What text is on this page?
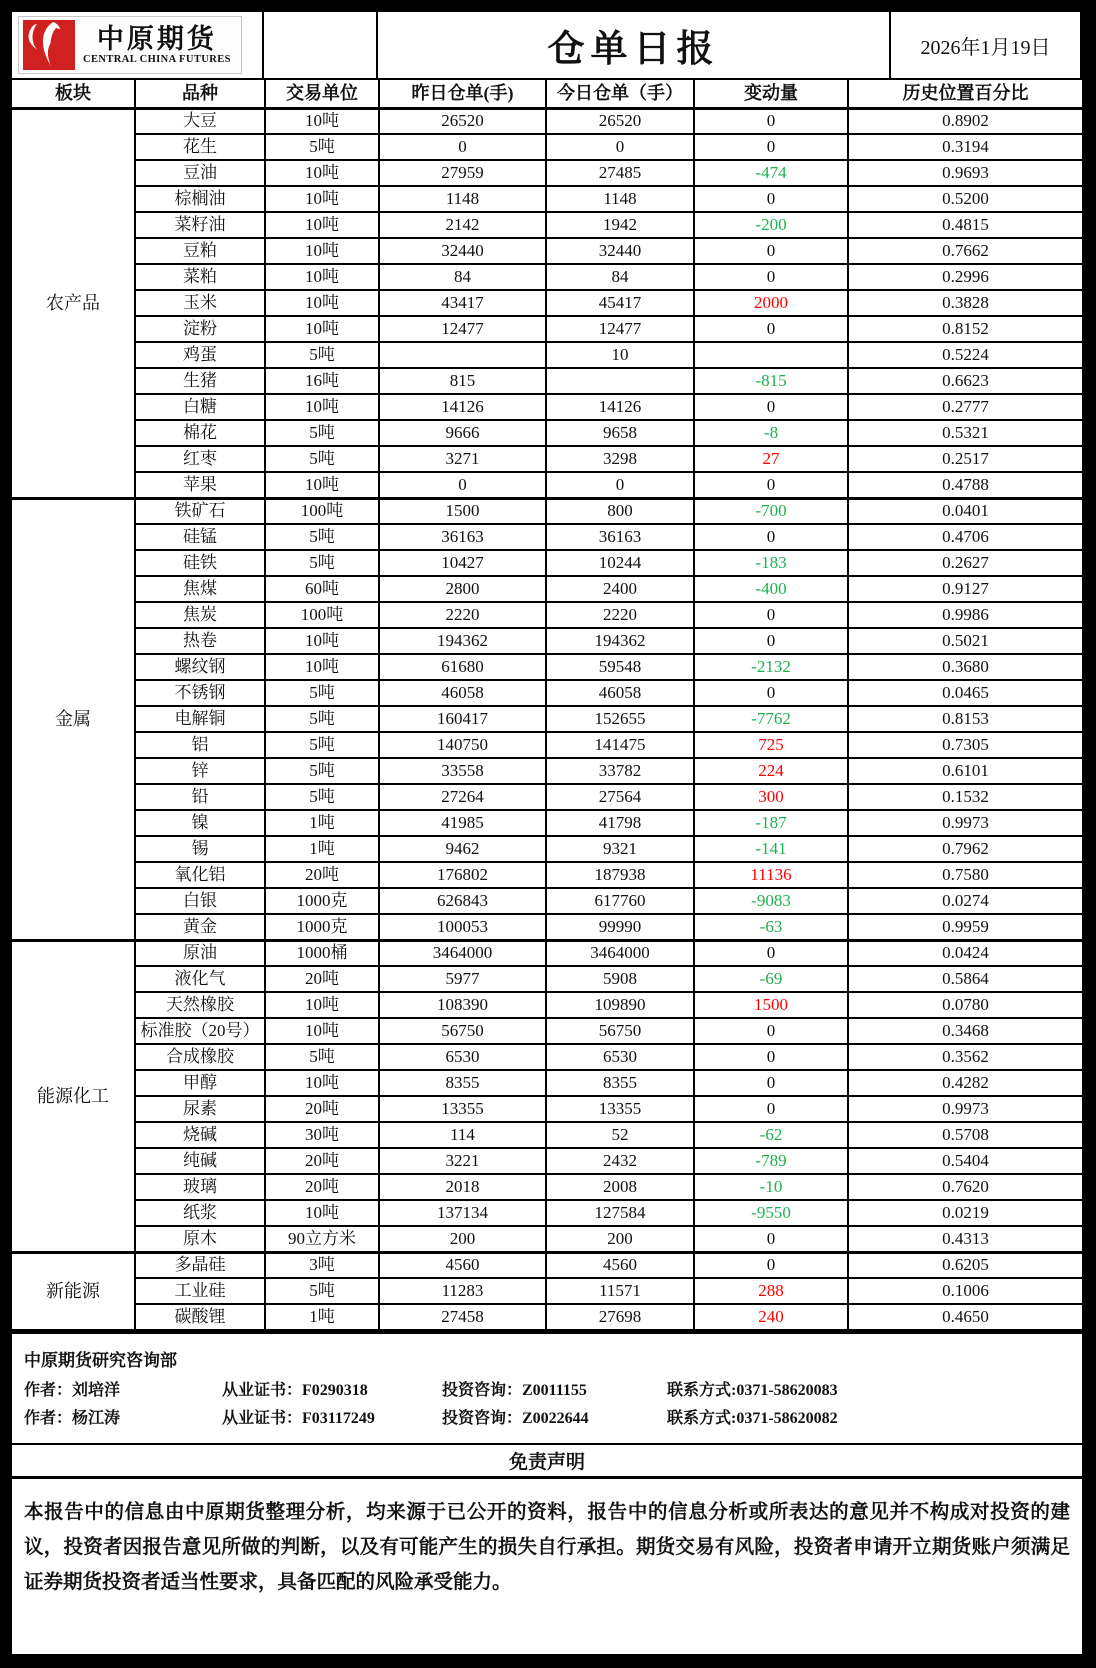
中原期货
CENTRAL CHINA FUTURES	仓单日报	2026年1月19日
板块	品种	交易单位	昨日仓单(手)	今日仓单（手）	变动量	历史位置百分比
农产品	大豆	10吨	26520	26520	0	0.8902
	花生	5吨	0	0	0	0.3194
	豆油	10吨	27959	27485	-474	0.9693
	棕榈油	10吨	1148	1148	0	0.5200
	菜籽油	10吨	2142	1942	-200	0.4815
	豆粕	10吨	32440	32440	0	0.7662
	菜粕	10吨	84	84	0	0.2996
	玉米	10吨	43417	45417	2000	0.3828
	淀粉	10吨	12477	12477	0	0.8152
	鸡蛋	5吨		10		0.5224
	生猪	16吨	815		-815	0.6623
	白糖	10吨	14126	14126	0	0.2777
	棉花	5吨	9666	9658	-8	0.5321
	红枣	5吨	3271	3298	27	0.2517
	苹果	10吨	0	0	0	0.4788
金属	铁矿石	100吨	1500	800	-700	0.0401
	硅锰	5吨	36163	36163	0	0.4706
	硅铁	5吨	10427	10244	-183	0.2627
	焦煤	60吨	2800	2400	-400	0.9127
	焦炭	100吨	2220	2220	0	0.9986
	热卷	10吨	194362	194362	0	0.5021
	螺纹钢	10吨	61680	59548	-2132	0.3680
	不锈钢	5吨	46058	46058	0	0.0465
	电解铜	5吨	160417	152655	-7762	0.8153
	铝	5吨	140750	141475	725	0.7305
	锌	5吨	33558	33782	224	0.6101
	铅	5吨	27264	27564	300	0.1532
	镍	1吨	41985	41798	-187	0.9973
	锡	1吨	9462	9321	-141	0.7962
	氧化铝	20吨	176802	187938	11136	0.7580
	白银	1000克	626843	617760	-9083	0.0274
	黄金	1000克	100053	99990	-63	0.9959
能源化工	原油	1000桶	3464000	3464000	0	0.0424
	液化气	20吨	5977	5908	-69	0.5864
	天然橡胶	10吨	108390	109890	1500	0.0780
	标准胶（20号）	10吨	56750	56750	0	0.3468
	合成橡胶	5吨	6530	6530	0	0.3562
	甲醇	10吨	8355	8355	0	0.4282
	尿素	20吨	13355	13355	0	0.9973
	烧碱	30吨	114	52	-62	0.5708
	纯碱	20吨	3221	2432	-789	0.5404
	玻璃	20吨	2018	2008	-10	0.7620
	纸浆	10吨	137134	127584	-9550	0.0219
	原木	90立方米	200	200	0	0.4313
新能源	多晶硅	3吨	4560	4560	0	0.6205
	工业硅	5吨	11283	11571	288	0.1006
	碳酸锂	1吨	27458	27698	240	0.4650
中原期货研究咨询部
作者：刘培洋	从业证书：F0290318	投资咨询：Z0011155	联系方式:0371-58620083
作者：杨江涛	从业证书：F03117249	投资咨询：Z0022644	联系方式:0371-58620082
免责声明
本报告中的信息由中原期货整理分析，均来源于已公开的资料，报告中的信息分析或所表达的意见并不构成对投资的建议，投资者因报告意见所做的判断，以及有可能产生的损失自行承担。期货交易有风险，投资者申请开立期货账户须满足证券期货投资者适当性要求，具备匹配的风险承受能力。
